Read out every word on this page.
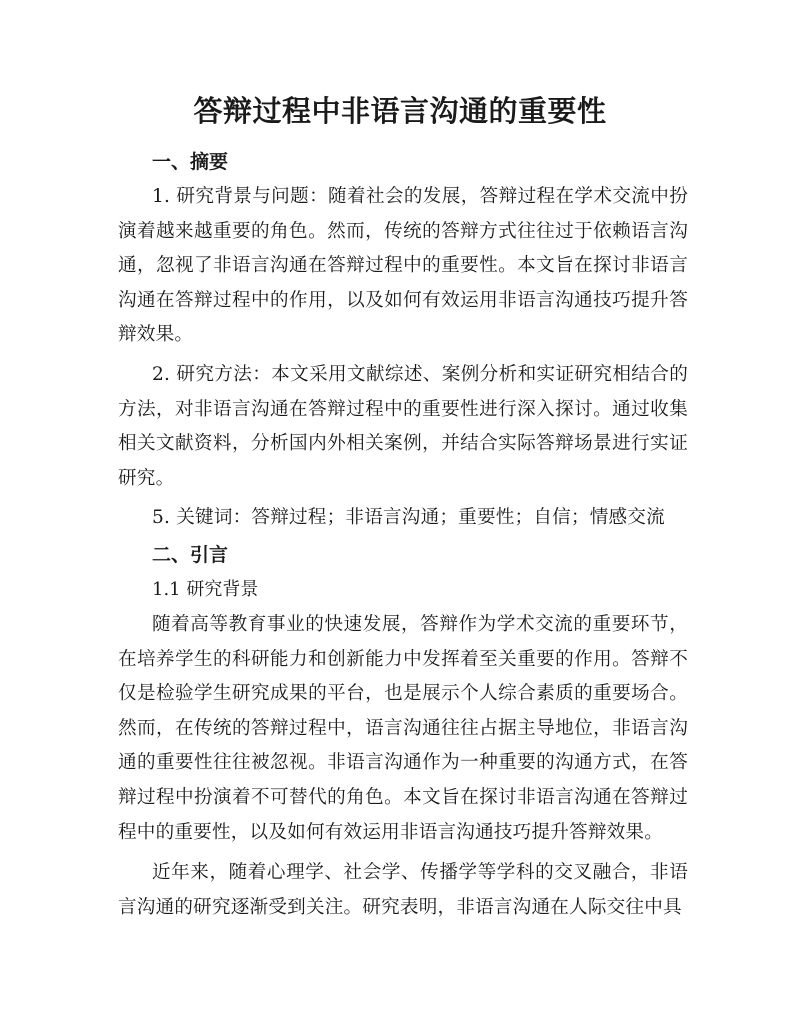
答辩过程中非语言沟通的重要性
一、摘要

1. 研究背景与问题：随着社会的发展，答辩过程在学术交流中扮演着越来越重要的角色。然而，传统的答辩方式往往过于依赖语言沟通，忽视了非语言沟通在答辩过程中的重要性。本文旨在探讨非语言沟通在答辩过程中的作用，以及如何有效运用非语言沟通技巧提升答辩效果。

2. 研究方法：本文采用文献综述、案例分析和实证研究相结合的方法，对非语言沟通在答辩过程中的重要性进行深入探讨。通过收集相关文献资料，分析国内外相关案例，并结合实际答辩场景进行实证研究。

5. 关键词：答辩过程；非语言沟通；重要性；自信；情感交流

二、引言
1.1 研究背景

随着高等教育事业的快速发展，答辩作为学术交流的重要环节，在培养学生的科研能力和创新能力中发挥着至关重要的作用。答辩不仅是检验学生研究成果的平台，也是展示个人综合素质的重要场合。然而，在传统的答辩过程中，语言沟通往往占据主导地位，非语言沟通的重要性往往被忽视。非语言沟通作为一种重要的沟通方式，在答辩过程中扮演着不可替代的角色。本文旨在探讨非语言沟通在答辩过程中的重要性，以及如何有效运用非语言沟通技巧提升答辩效果。

近年来，随着心理学、社会学、传播学等学科的交叉融合，非语言沟通的研究逐渐受到关注。研究表明，非语言沟通在人际交往中具
